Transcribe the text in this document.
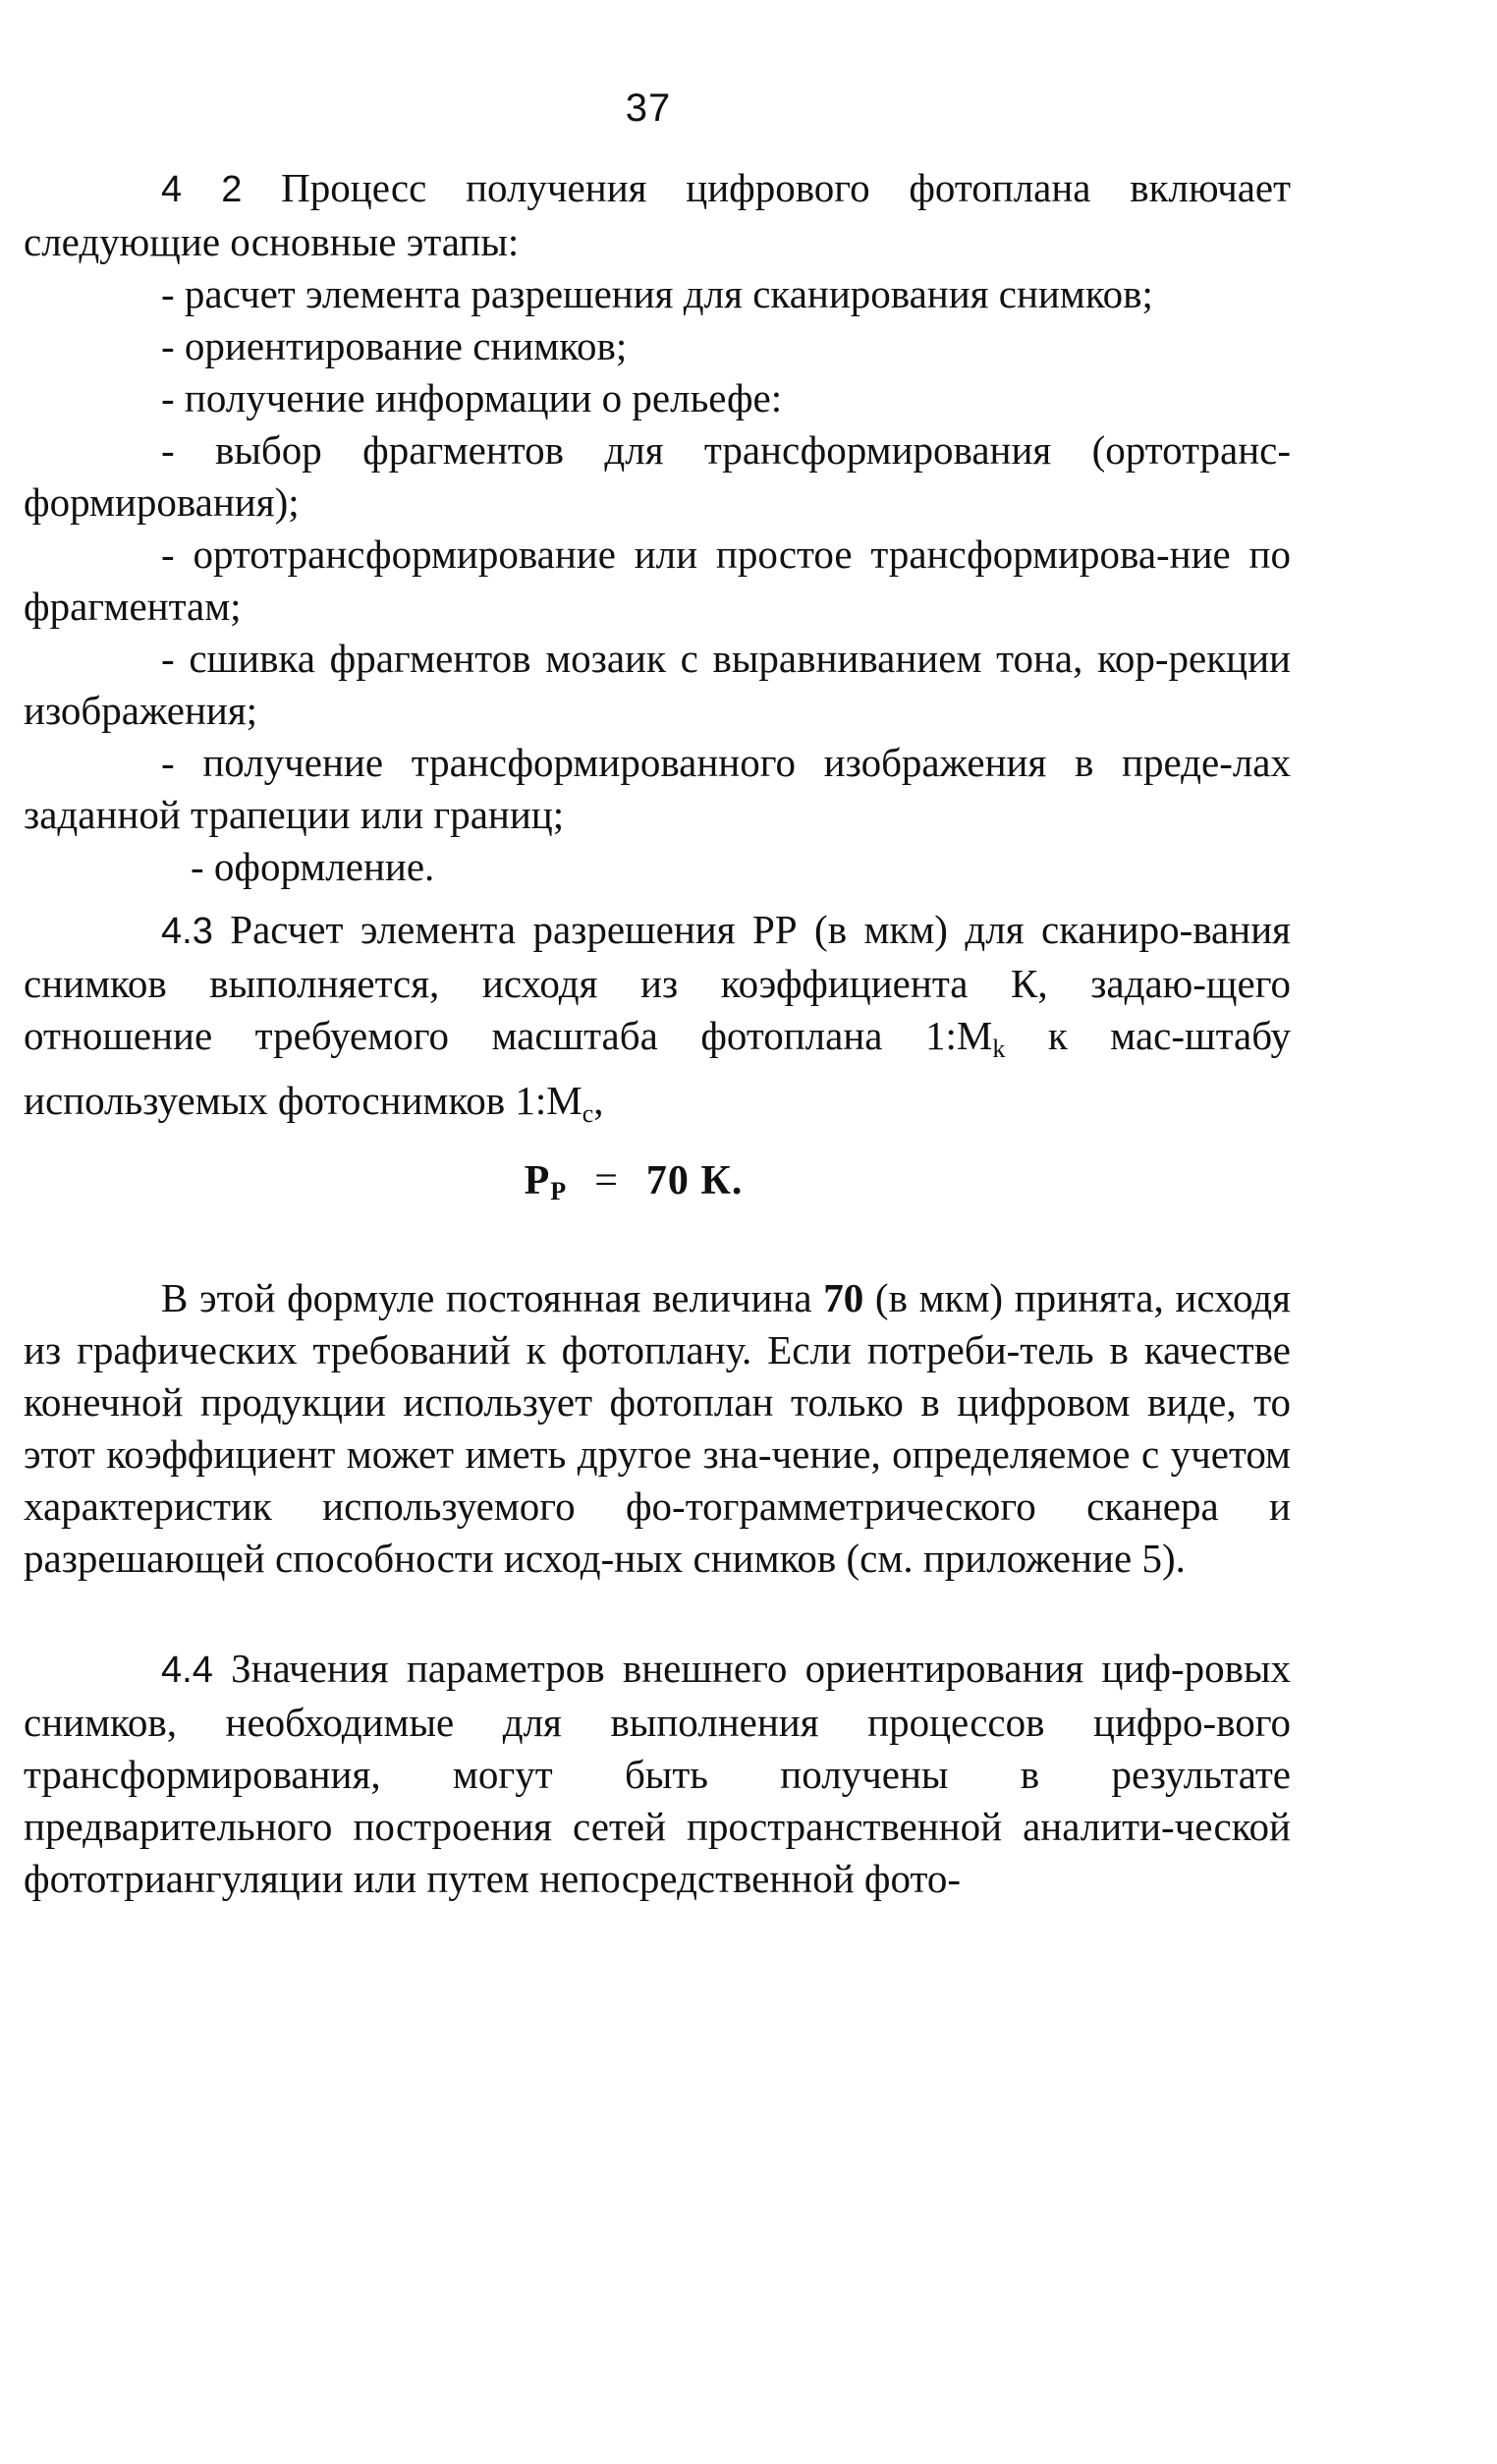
37

4 2 Процесс получения цифрового фотоплана включает следующие основные этапы:

- расчет элемента разрешения для сканирования снимков;

- ориентирование снимков;

- получение информации о рельефе:

- выбор фрагментов для трансформирования (ортотранс-формирования);

- ортотрансформирование или простое трансформирова-ние по фрагментам;

- сшивка фрагментов мозаик с выравниванием тона, кор-рекции изображения;

- получение трансформированного изображения в преде-лах заданной трапеции или границ;

- оформление.

4.3 Расчет элемента разрешения РР (в мкм) для сканиро-вания снимков выполняется, исходя из коэффициента К, задаю-щего отношение требуемого масштаба фотоплана $1:M_k$ к мас-штабу используемых фотоснимков $1:M_c$,

$P_P = 70$ К.

В этой формуле постоянная величина 70 (в мкм) принята, исходя из графических требований к фотоплану. Если потреби-тель в качестве конечной продукции использует фотоплан только в цифровом виде, то этот коэффициент может иметь другое зна-чение, определяемое с учетом характеристик используемого фо-тограмметрического сканера и разрешающей способности исход-ных снимков (см. приложение 5).

4.4 Значения параметров внешнего ориентирования циф-ровых снимков, необходимые для выполнения процессов цифро-вого трансформирования, могут быть получены в результате предварительного построения сетей пространственной аналити-ческой фототриангуляции или путем непосредственной фото-
